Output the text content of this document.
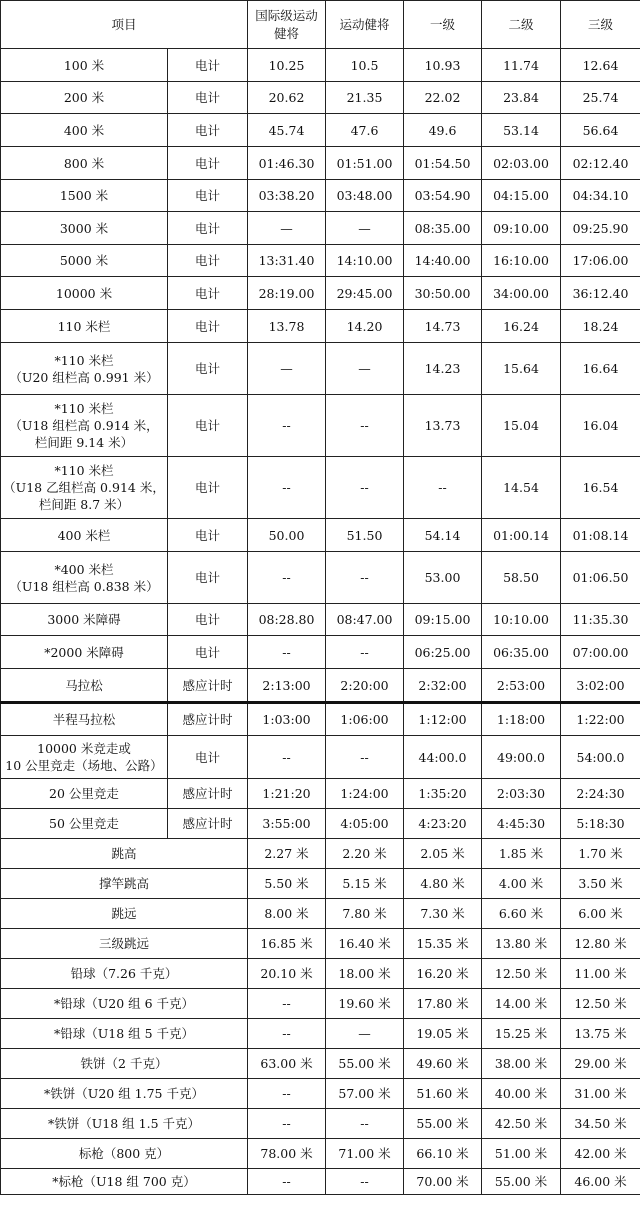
项目		国际级运动健将	运动健将	一级	二级	三级
100 米	电计	10.25	10.5	10.93	11.74	12.64
200 米	电计	20.62	21.35	22.02	23.84	25.74
400 米	电计	45.74	47.6	49.6	53.14	56.64
800 米	电计	01:46.30	01:51.00	01:54.50	02:03.00	02:12.40
1500 米	电计	03:38.20	03:48.00	03:54.90	04:15.00	04:34.10
3000 米	电计	—	—	08:35.00	09:10.00	09:25.90
5000 米	电计	13:31.40	14:10.00	14:40.00	16:10.00	17:06.00
10000 米	电计	28:19.00	29:45.00	30:50.00	34:00.00	36:12.40
110 米栏	电计	13.78	14.20	14.73	16.24	18.24
*110 米栏
（U20 组栏高 0.991 米）	电计	—	—	14.23	15.64	16.64
*110 米栏
（U18 组栏高 0.914 米，
栏间距 9.14 米）	电计	--	--	13.73	15.04	16.04
*110 米栏
（U18 乙组栏高 0.914 米，
栏间距 8.7 米）	电计	--	--	--	14.54	16.54
400 米栏	电计	50.00	51.50	54.14	01:00.14	01:08.14
*400 米栏
（U18 组栏高 0.838 米）	电计	--	--	53.00	58.50	01:06.50
3000 米障碍	电计	08:28.80	08:47.00	09:15.00	10:10.00	11:35.30
*2000 米障碍	电计	--	--	06:25.00	06:35.00	07:00.00
马拉松	感应计时	2:13:00	2:20:00	2:32:00	2:53:00	3:02:00
半程马拉松	感应计时	1:03:00	1:06:00	1:12:00	1:18:00	1:22:00
10000 米竞走或
10 公里竞走（场地、公路）	电计	--	--	44:00.0	49:00.0	54:00.0
20 公里竞走	感应计时	1:21:20	1:24:00	1:35:20	2:03:30	2:24:30
50 公里竞走	感应计时	3:55:00	4:05:00	4:23:20	4:45:30	5:18:30
跳高		2.27 米	2.20 米	2.05 米	1.85 米	1.70 米
撑竿跳高		5.50 米	5.15 米	4.80 米	4.00 米	3.50 米
跳远		8.00 米	7.80 米	7.30 米	6.60 米	6.00 米
三级跳远		16.85 米	16.40 米	15.35 米	13.80 米	12.80 米
铅球（7.26 千克）		20.10 米	18.00 米	16.20 米	12.50 米	11.00 米
*铅球（U20 组 6 千克）		--	19.60 米	17.80 米	14.00 米	12.50 米
*铅球（U18 组 5 千克）		--	—	19.05 米	15.25 米	13.75 米
铁饼（2 千克）		63.00 米	55.00 米	49.60 米	38.00 米	29.00 米
*铁饼（U20 组 1.75 千克）		--	57.00 米	51.60 米	40.00 米	31.00 米
*铁饼（U18 组 1.5 千克）		--	--	55.00 米	42.50 米	34.50 米
标枪（800 克）		78.00 米	71.00 米	66.10 米	51.00 米	42.00 米
*标枪（U18 组 700 克）		--	--	70.00 米	55.00 米	46.00 米
